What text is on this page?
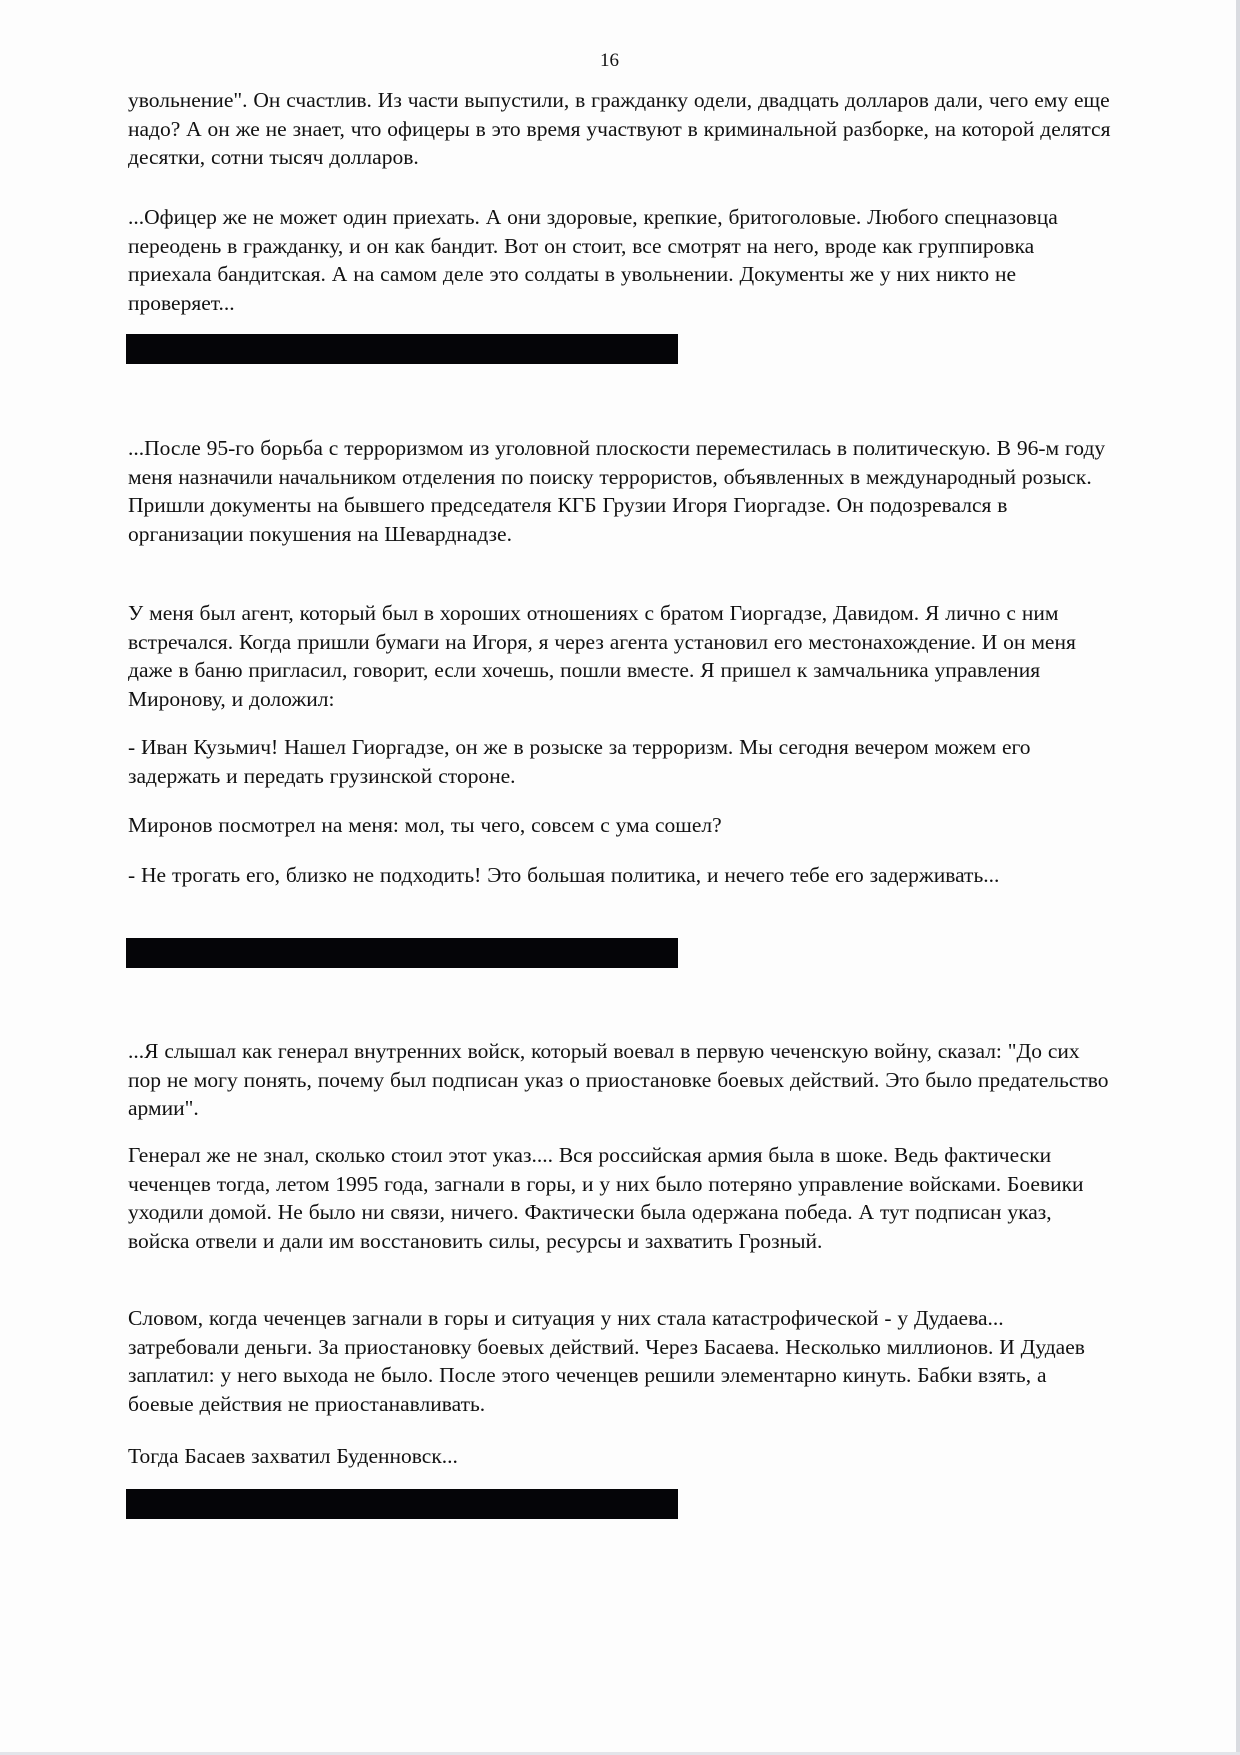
16

увольнение". Он счастлив. Из части выпустили, в гражданку одели, двадцать долларов дали, чего ему еще надо? А он же не знает, что офицеры в это время участвуют в криминальной разборке, на которой делятся десятки, сотни тысяч долларов.

...Офицер же не может один приехать. А они здоровые, крепкие, бритоголовые. Любого спецназовца переодень в гражданку, и он как бандит. Вот он стоит, все смотрят на него, вроде как группировка приехала бандитская. А на самом деле это солдаты в увольнении. Документы же у них никто не проверяет...

...После 95-го борьба с терроризмом из уголовной плоскости переместилась в политическую. В 96-м году меня назначили начальником отделения по поиску террористов, объявленных в международный розыск. Пришли документы на бывшего председателя КГБ Грузии Игоря Гиоргадзе. Он подозревался в организации покушения на Шеварднадзе.

У меня был агент, который был в хороших отношениях с братом Гиоргадзе, Давидом. Я лично с ним встречался. Когда пришли бумаги на Игоря, я через агента установил его местонахождение. И он меня даже в баню пригласил, говорит, если хочешь, пошли вместе. Я пришел к замчальника управления Миронову, и доложил:

- Иван Кузьмич! Нашел Гиоргадзе, он же в розыске за терроризм. Мы сегодня вечером можем его задержать и передать грузинской стороне.

Миронов посмотрел на меня: мол, ты чего, совсем с ума сошел?

- Не трогать его, близко не подходить! Это большая политика, и нечего тебе его задерживать...

...Я слышал как генерал внутренних войск, который воевал в первую чеченскую войну, сказал: "До сих пор не могу понять, почему был подписан указ о приостановке боевых действий. Это было предательство армии".

Генерал же не знал, сколько стоил этот указ.... Вся российская армия была в шоке. Ведь фактически чеченцев тогда, летом 1995 года, загнали в горы, и у них было потеряно управление войсками. Боевики уходили домой. Не было ни связи, ничего. Фактически была одержана победа. А тут подписан указ, войска отвели и дали им восстановить силы, ресурсы и захватить Грозный.

Словом, когда чеченцев загнали в горы и ситуация у них стала катастрофической - у Дудаева... затребовали деньги. За приостановку боевых действий. Через Басаева. Несколько миллионов. И Дудаев заплатил: у него выхода не было. После этого чеченцев решили элементарно кинуть. Бабки взять, а боевые действия не приостанавливать.

Тогда Басаев захватил Буденновск...
